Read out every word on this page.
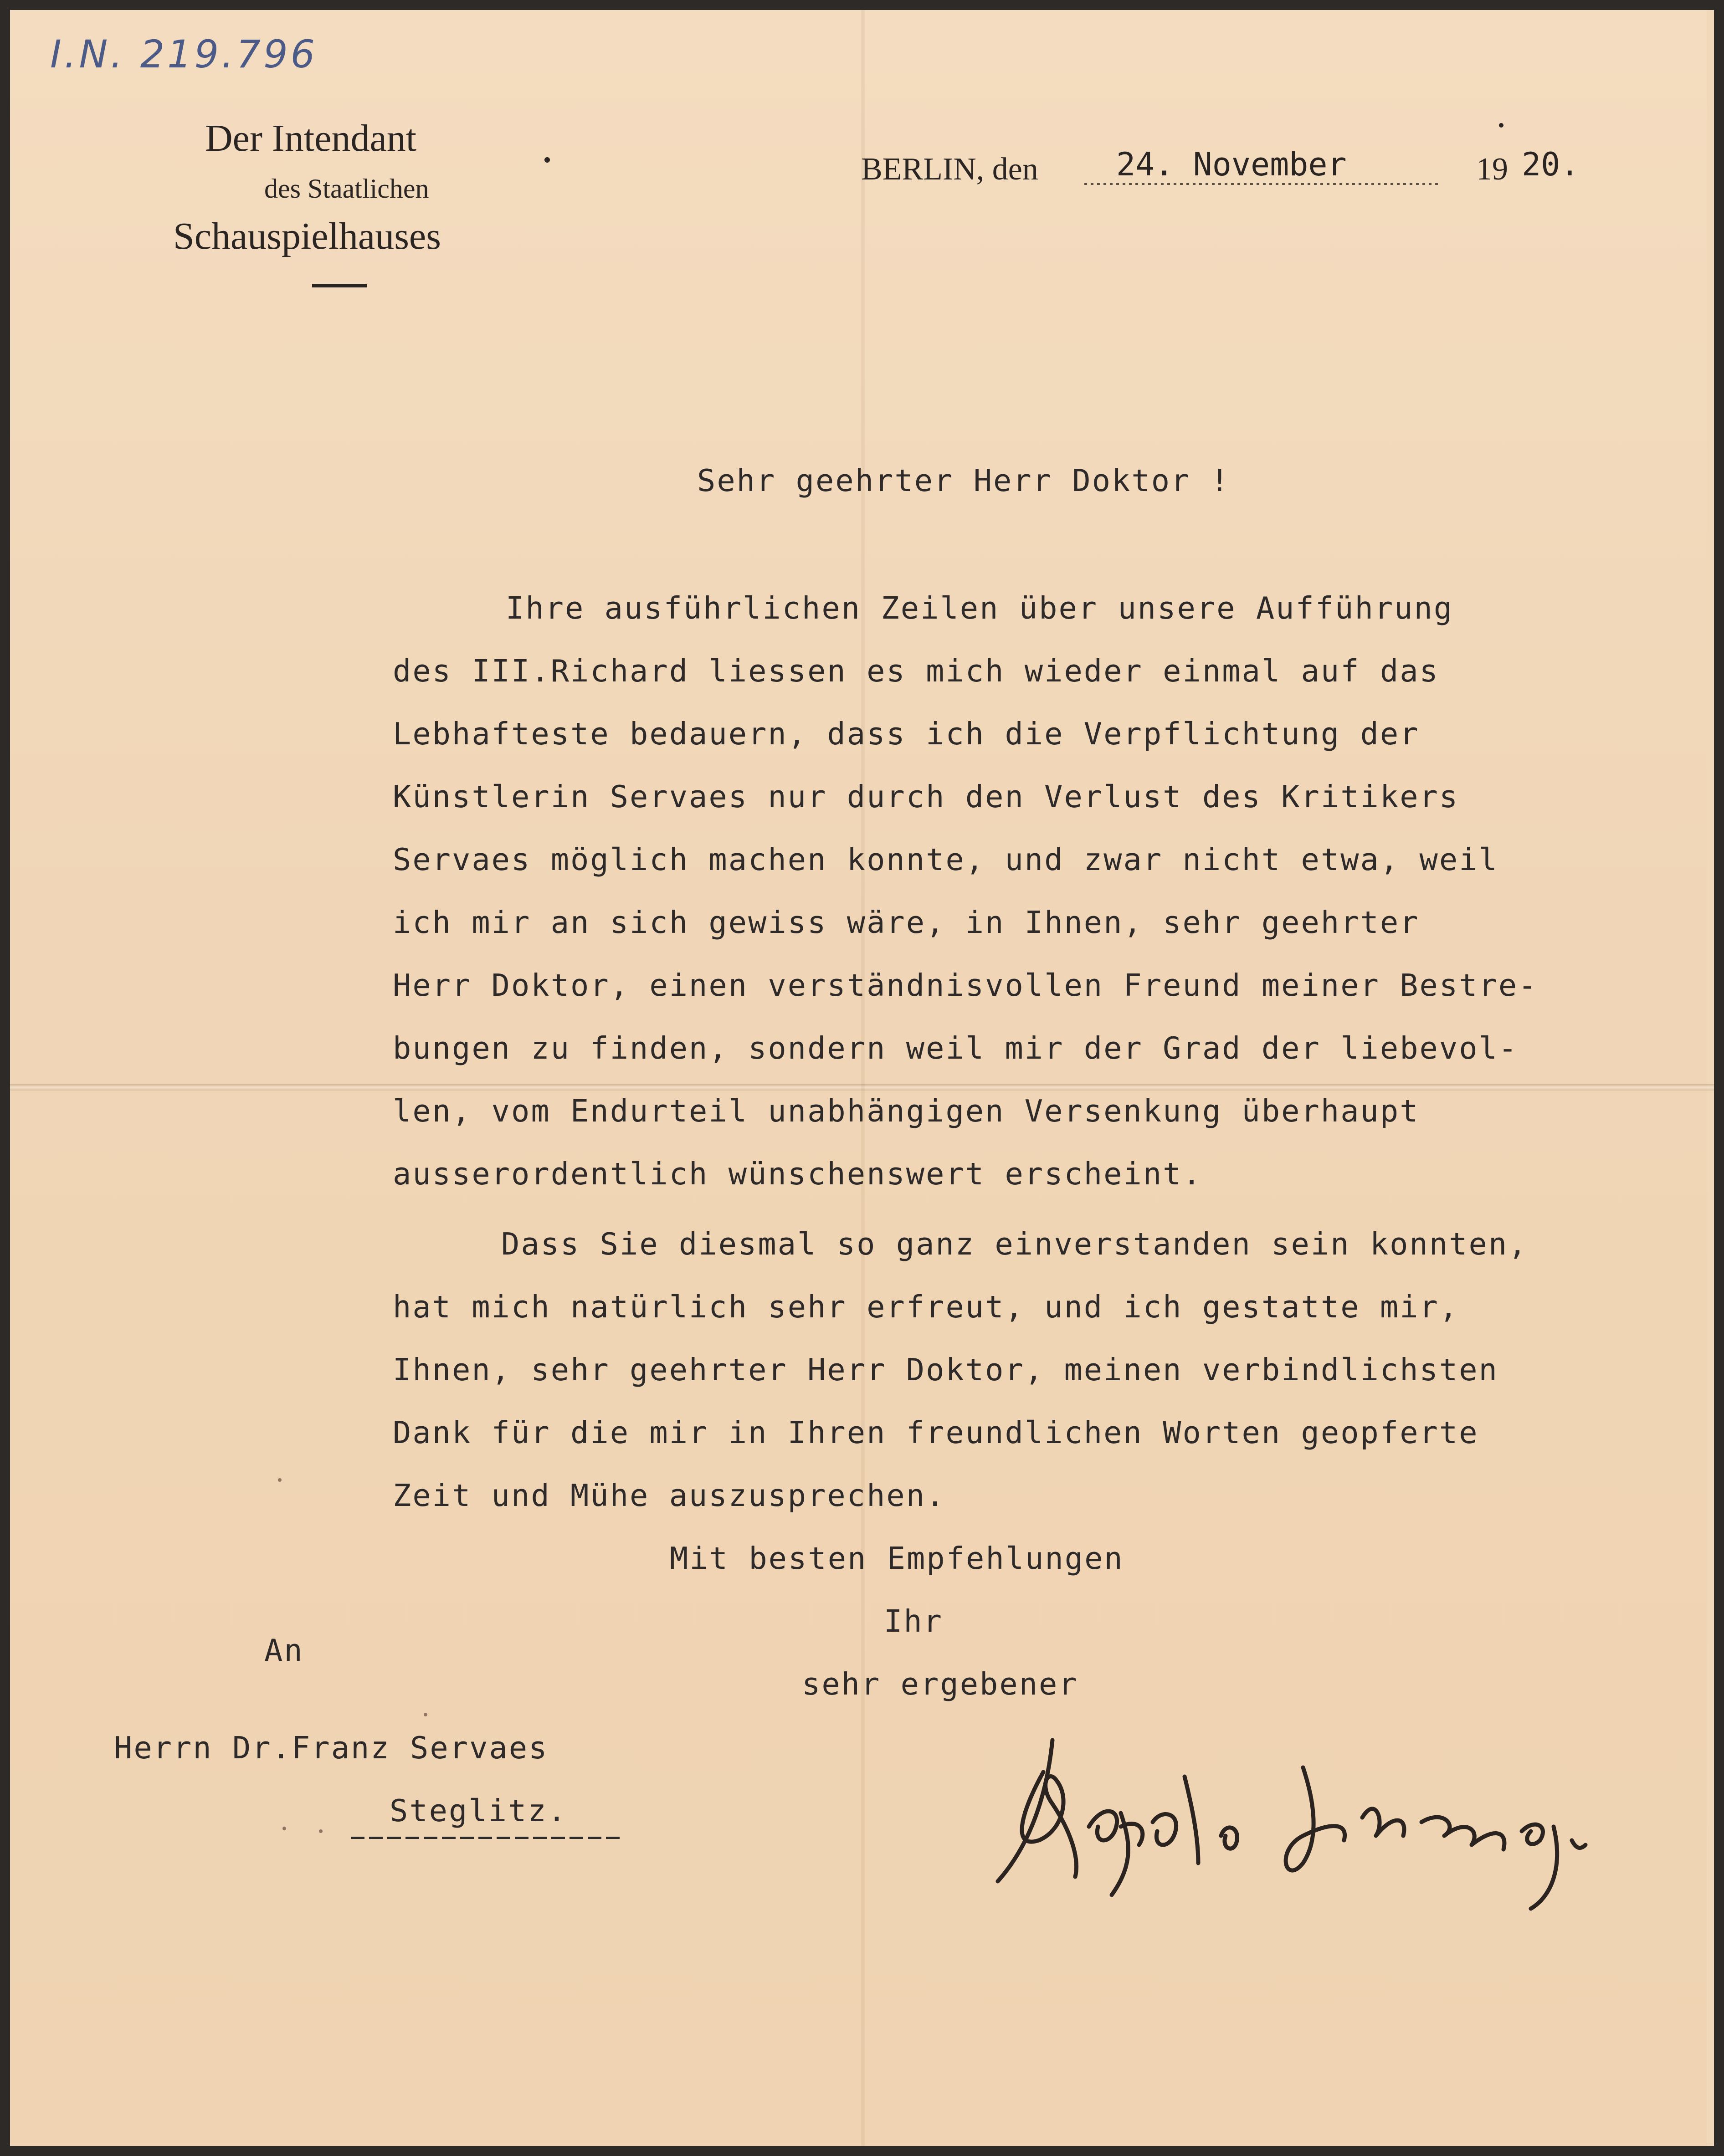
I.N. 219.796
Der Intendant
des Staatlichen
Schauspielhauses
BERLIN, den	24. November	19 20.
Sehr geehrter Herr Doktor !
Ihre ausführlichen Zeilen über unsere Aufführung
des III.Richard liessen es mich wieder einmal auf das
Lebhafteste bedauern, dass ich die Verpflichtung der
Künstlerin Servaes nur durch den Verlust des Kritikers
Servaes möglich machen konnte, und zwar nicht etwa, weil
ich mir an sich gewiss wäre, in Ihnen, sehr geehrter
Herr Doktor, einen verständnisvollen Freund meiner Bestre-
bungen zu finden, sondern weil mir der Grad der liebevol-
len, vom Endurteil unabhängigen Versenkung überhaupt
ausserordentlich wünschenswert erscheint.
Dass Sie diesmal so ganz einverstanden sein konnten,
hat mich natürlich sehr erfreut, und ich gestatte mir,
Ihnen, sehr geehrter Herr Doktor, meinen verbindlichsten
Dank für die mir in Ihren freundlichen Worten geopferte
Zeit und Mühe auszusprechen.
Mit besten Empfehlungen
Ihr
sehr ergebener
An
Herrn Dr.Franz Servaes
Steglitz.
